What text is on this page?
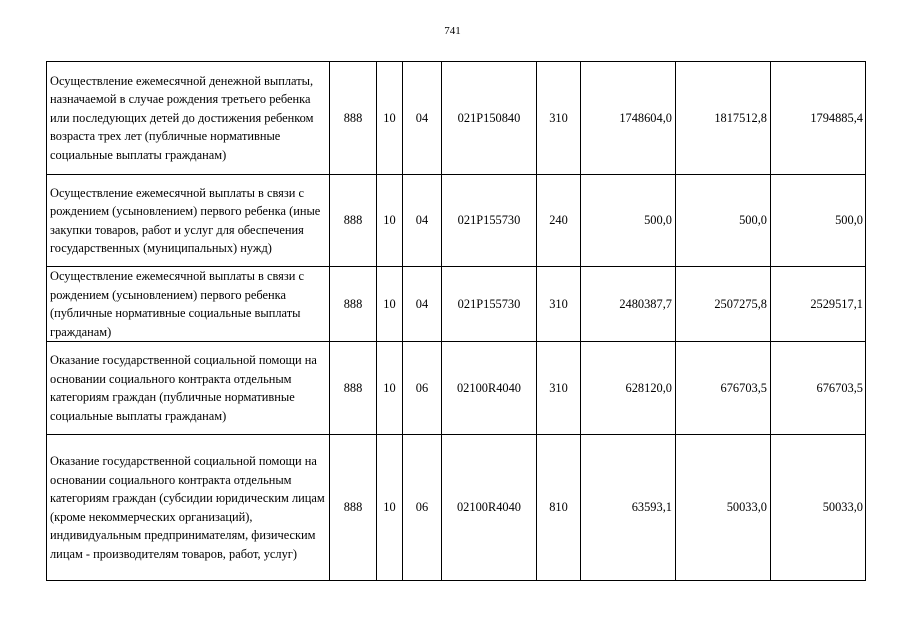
741
Осуществление ежемесячной денежной выплаты, назначаемой в случае рождения третьего ребенка или последующих детей до достижения ребенком возраста трех лет (публичные нормативные социальные выплаты гражданам)	888	10	04	021P150840	310	1748604,0	1817512,8	1794885,4
Осуществление ежемесячной выплаты в связи с рождением (усыновлением) первого ребенка (иные закупки товаров, работ и услуг для обеспечения государственных (муниципальных) нужд)	888	10	04	021P155730	240	500,0	500,0	500,0
Осуществление ежемесячной выплаты в связи с рождением (усыновлением) первого ребенка (публичные нормативные социальные выплаты гражданам)	888	10	04	021P155730	310	2480387,7	2507275,8	2529517,1
Оказание государственной социальной помощи на основании социального контракта отдельным категориям граждан (публичные нормативные социальные выплаты гражданам)	888	10	06	02100R4040	310	628120,0	676703,5	676703,5
Оказание государственной социальной помощи на основании социального контракта отдельным категориям граждан (субсидии юридическим лицам (кроме некоммерческих организаций), индивидуальным предпринимателям, физическим лицам - производителям товаров, работ, услуг)	888	10	06	02100R4040	810	63593,1	50033,0	50033,0
